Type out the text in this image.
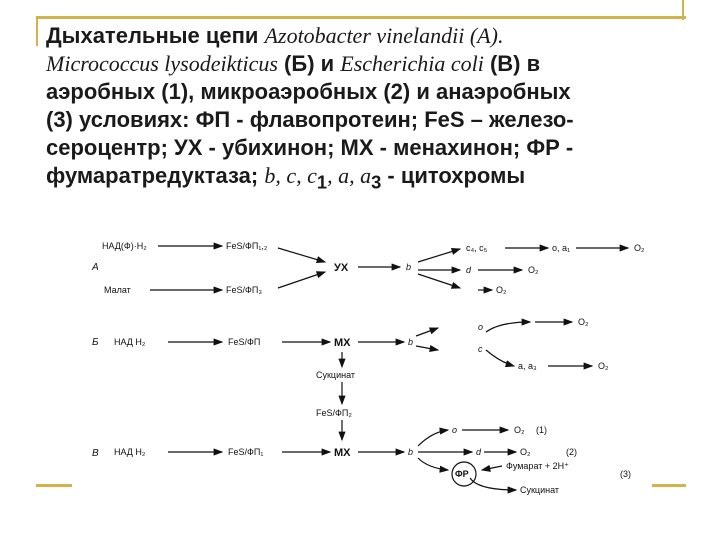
Дыхательные цепи Azotobacter vinelandii (А).
Micrococcus lysodeikticus (Б) и Escherichia coli (В) в
аэробных (1), микроаэробных (2) и анаэробных
(3) условиях: ФП - флавопротеин; FeS – железо-
сероцентр; УХ - убихинон; МХ - менахинон; ФР -
фумаратредуктаза; b, c, $c_1$, a, $a_3$ - цитохромы
А
НАД(Ф)·Н₂
Малат
FeS/ФП₁,₂
FeS/ФП₃
УХ	b
c₄, c₅	o, a₁	O₂
d	O₂
O₂
Б НАД Н₂	FeS/ФП	МХ	b
o	O₂
c
a, a₃	O₂
Сукцинат
FeS/ФП₂
В НАД Н₂	FeS/ФП₁	МХ	b
o	O₂ (1)
d	O₂	(2)
ФР
Фумарат + 2Н⁺
(3)
Сукцинат
